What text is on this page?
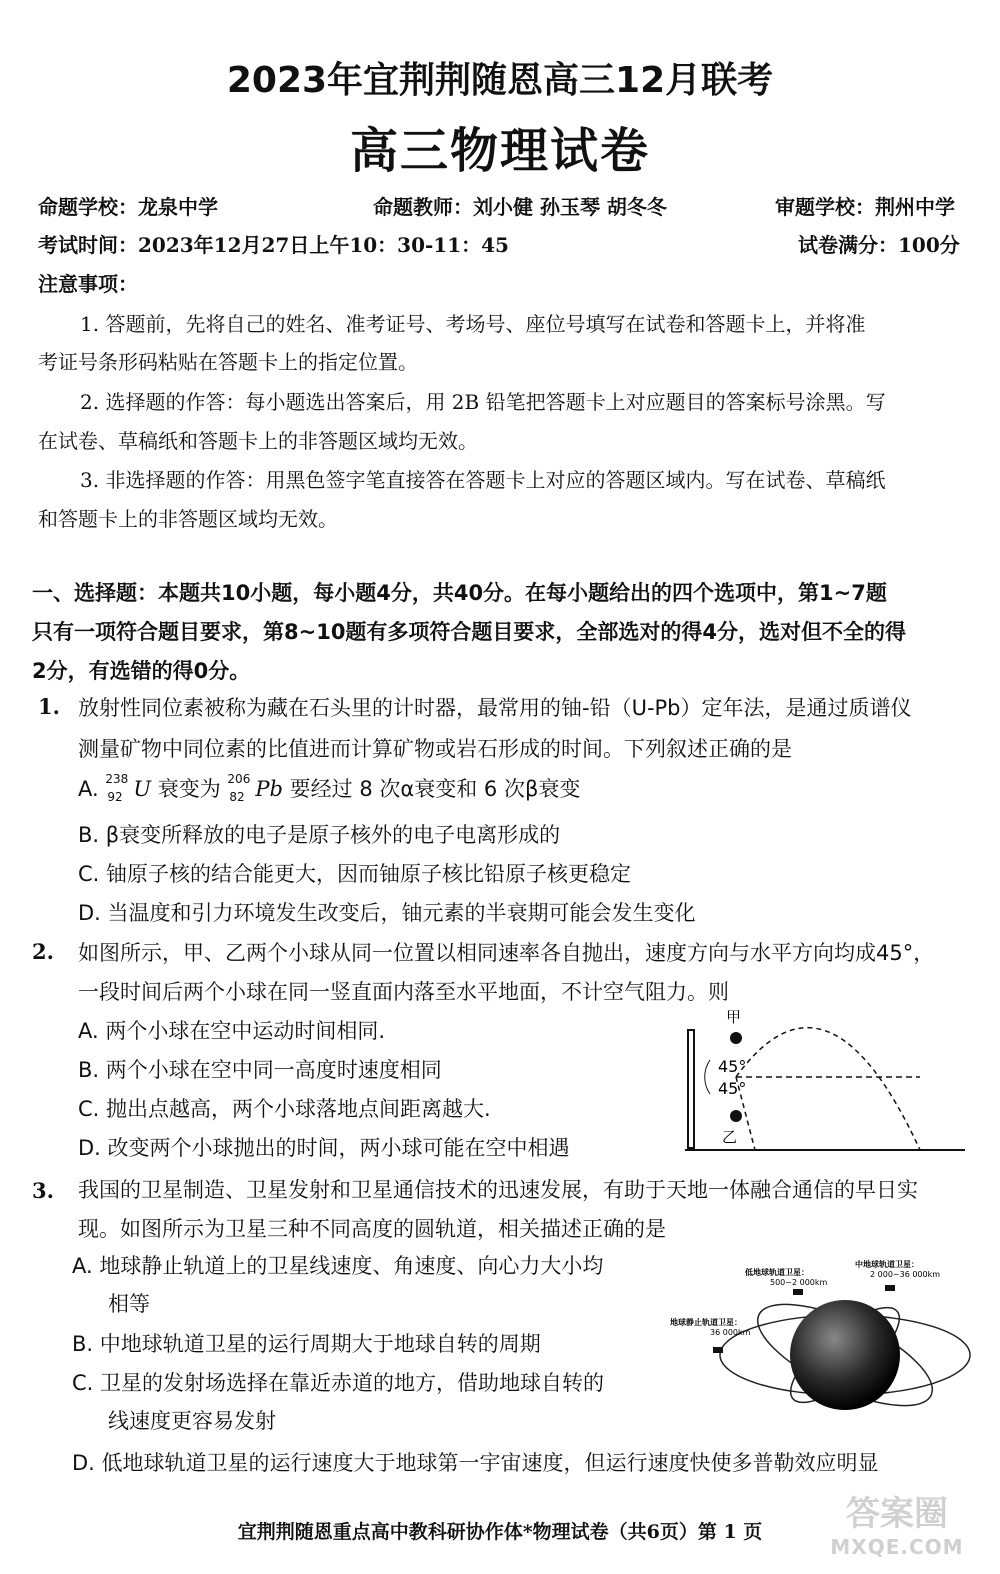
2023年宜荆荆随恩高三12月联考
高三物理试卷
命题学校：龙泉中学	命题教师：刘小健 孙玉琴 胡冬冬	审题学校：荆州中学
考试时间：2023年12月27日上午10：30-11：45	试卷满分：100分
注意事项：
1. 答题前，先将自己的姓名、准考证号、考场号、座位号填写在试卷和答题卡上，并将准
考证号条形码粘贴在答题卡上的指定位置。
2. 选择题的作答：每小题选出答案后，用 2B 铅笔把答题卡上对应题目的答案标号涂黑。写
在试卷、草稿纸和答题卡上的非答题区域均无效。
3. 非选择题的作答：用黑色签字笔直接答在答题卡上对应的答题区域内。写在试卷、草稿纸
和答题卡上的非答题区域均无效。
一、选择题：本题共10小题，每小题4分，共40分。在每小题给出的四个选项中，第1~7题
只有一项符合题目要求，第8~10题有多项符合题目要求，全部选对的得4分，选对但不全的得
2分，有选错的得0分。
1. 放射性同位素被称为藏在石头里的计时器，最常用的铀-铅（U-Pb）定年法，是通过质谱仪
测量矿物中同位素的比值进而计算矿物或岩石形成的时间。下列叙述正确的是
A. 238
92 U 衰变为 206
82 Pb 要经过 8 次α衰变和 6 次β衰变
B. β衰变所释放的电子是原子核外的电子电离形成的
C. 铀原子核的结合能更大，因而铀原子核比铅原子核更稳定
D. 当温度和引力环境发生改变后，铀元素的半衰期可能会发生变化
2. 如图所示，甲、乙两个小球从同一位置以相同速率各自抛出，速度方向与水平方向均成45°，
一段时间后两个小球在同一竖直面内落至水平地面，不计空气阻力。则
A. 两个小球在空中运动时间相同.
B. 两个小球在空中同一高度时速度相同
C. 抛出点越高，两个小球落地点间距离越大.
D. 改变两个小球抛出的时间，两小球可能在空中相遇
甲
乙
45°
45°
3. 我国的卫星制造、卫星发射和卫星通信技术的迅速发展，有助于天地一体融合通信的早日实
现。如图所示为卫星三种不同高度的圆轨道，相关描述正确的是
A. 地球静止轨道上的卫星线速度、角速度、向心力大小均
相等
B. 中地球轨道卫星的运行周期大于地球自转的周期
C. 卫星的发射场选择在靠近赤道的地方，借助地球自转的
线速度更容易发射
D. 低地球轨道卫星的运行速度大于地球第一宇宙速度，但运行速度快使多普勒效应明显
低地球轨道卫星：
500~2 000km
中地球轨道卫星：
2 000~36 000km
地球静止轨道卫星：
36 000km
宜荆荆随恩重点高中教科研协作体*物理试卷（共6页）第 1 页	答案圈
MXQE.COM
